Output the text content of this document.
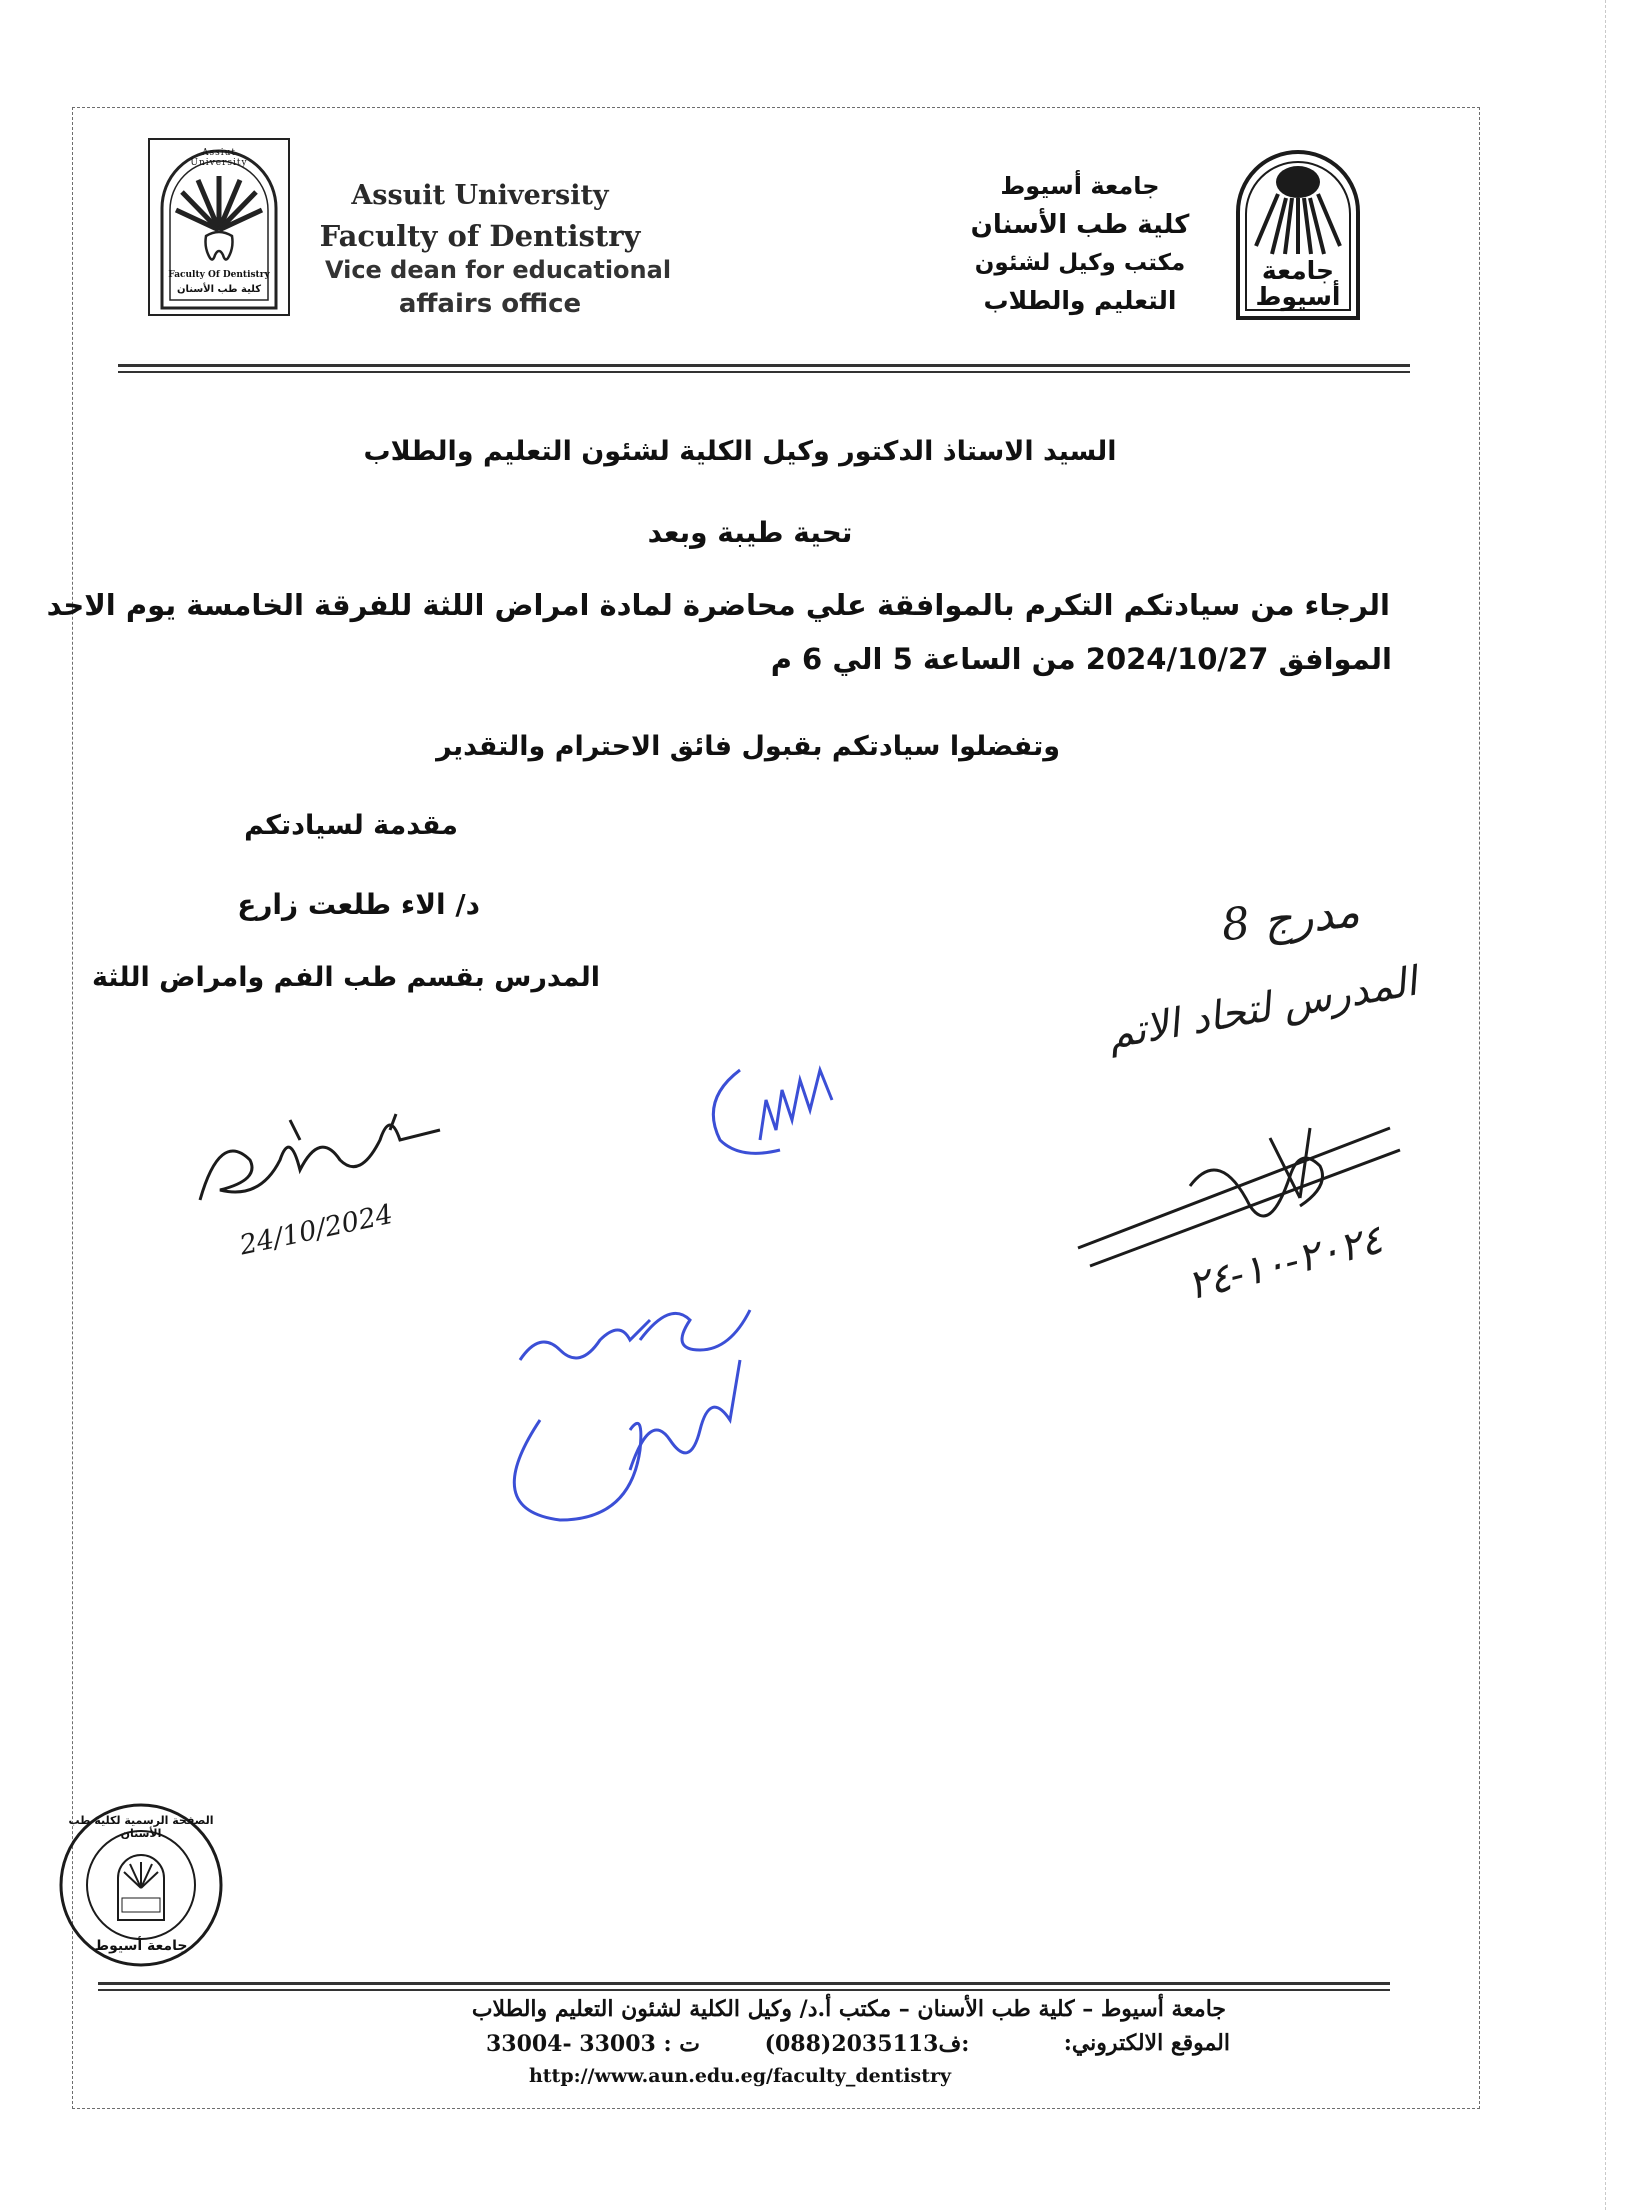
Assiut University
Faculty Of Dentistry
كلية طب الأسنان
Assuit University
Faculty of Dentistry
Vice dean for educational
affairs office
جامعة أسيوط
كلية طب الأسنان
مكتب وكيل لشئون
التعليم والطلاب
جامعة أسيوط
السيد الاستاذ الدكتور وكيل الكلية لشئون التعليم والطلاب
تحية طيبة وبعد
الرجاء من سيادتكم التكرم بالموافقة علي محاضرة لمادة امراض اللثة للفرقة الخامسة يوم الاحد
الموافق 2024/10/27 من الساعة 5 الي 6 م
وتفضلوا سيادتكم بقبول فائق الاحترام والتقدير
مقدمة لسيادتكم
د/ الاء طلعت زارع
المدرس بقسم طب الفم وامراض اللثة
مدرج 8
المدرس لتحاد الاتم
٢٠٢٤-١٠-٢٤
24/10/2024
الصفحة الرسمية لكلية طب الأسنان
جامعة أسيوط
جامعة أسيوط – كلية طب الأسنان – مكتب أ.د/ وكيل الكلية لشئون التعليم والطلاب
الموقع الالكتروني:
(088)2035113ف:
ت : 33003 -33004
http://www.aun.edu.eg/faculty_dentistry
